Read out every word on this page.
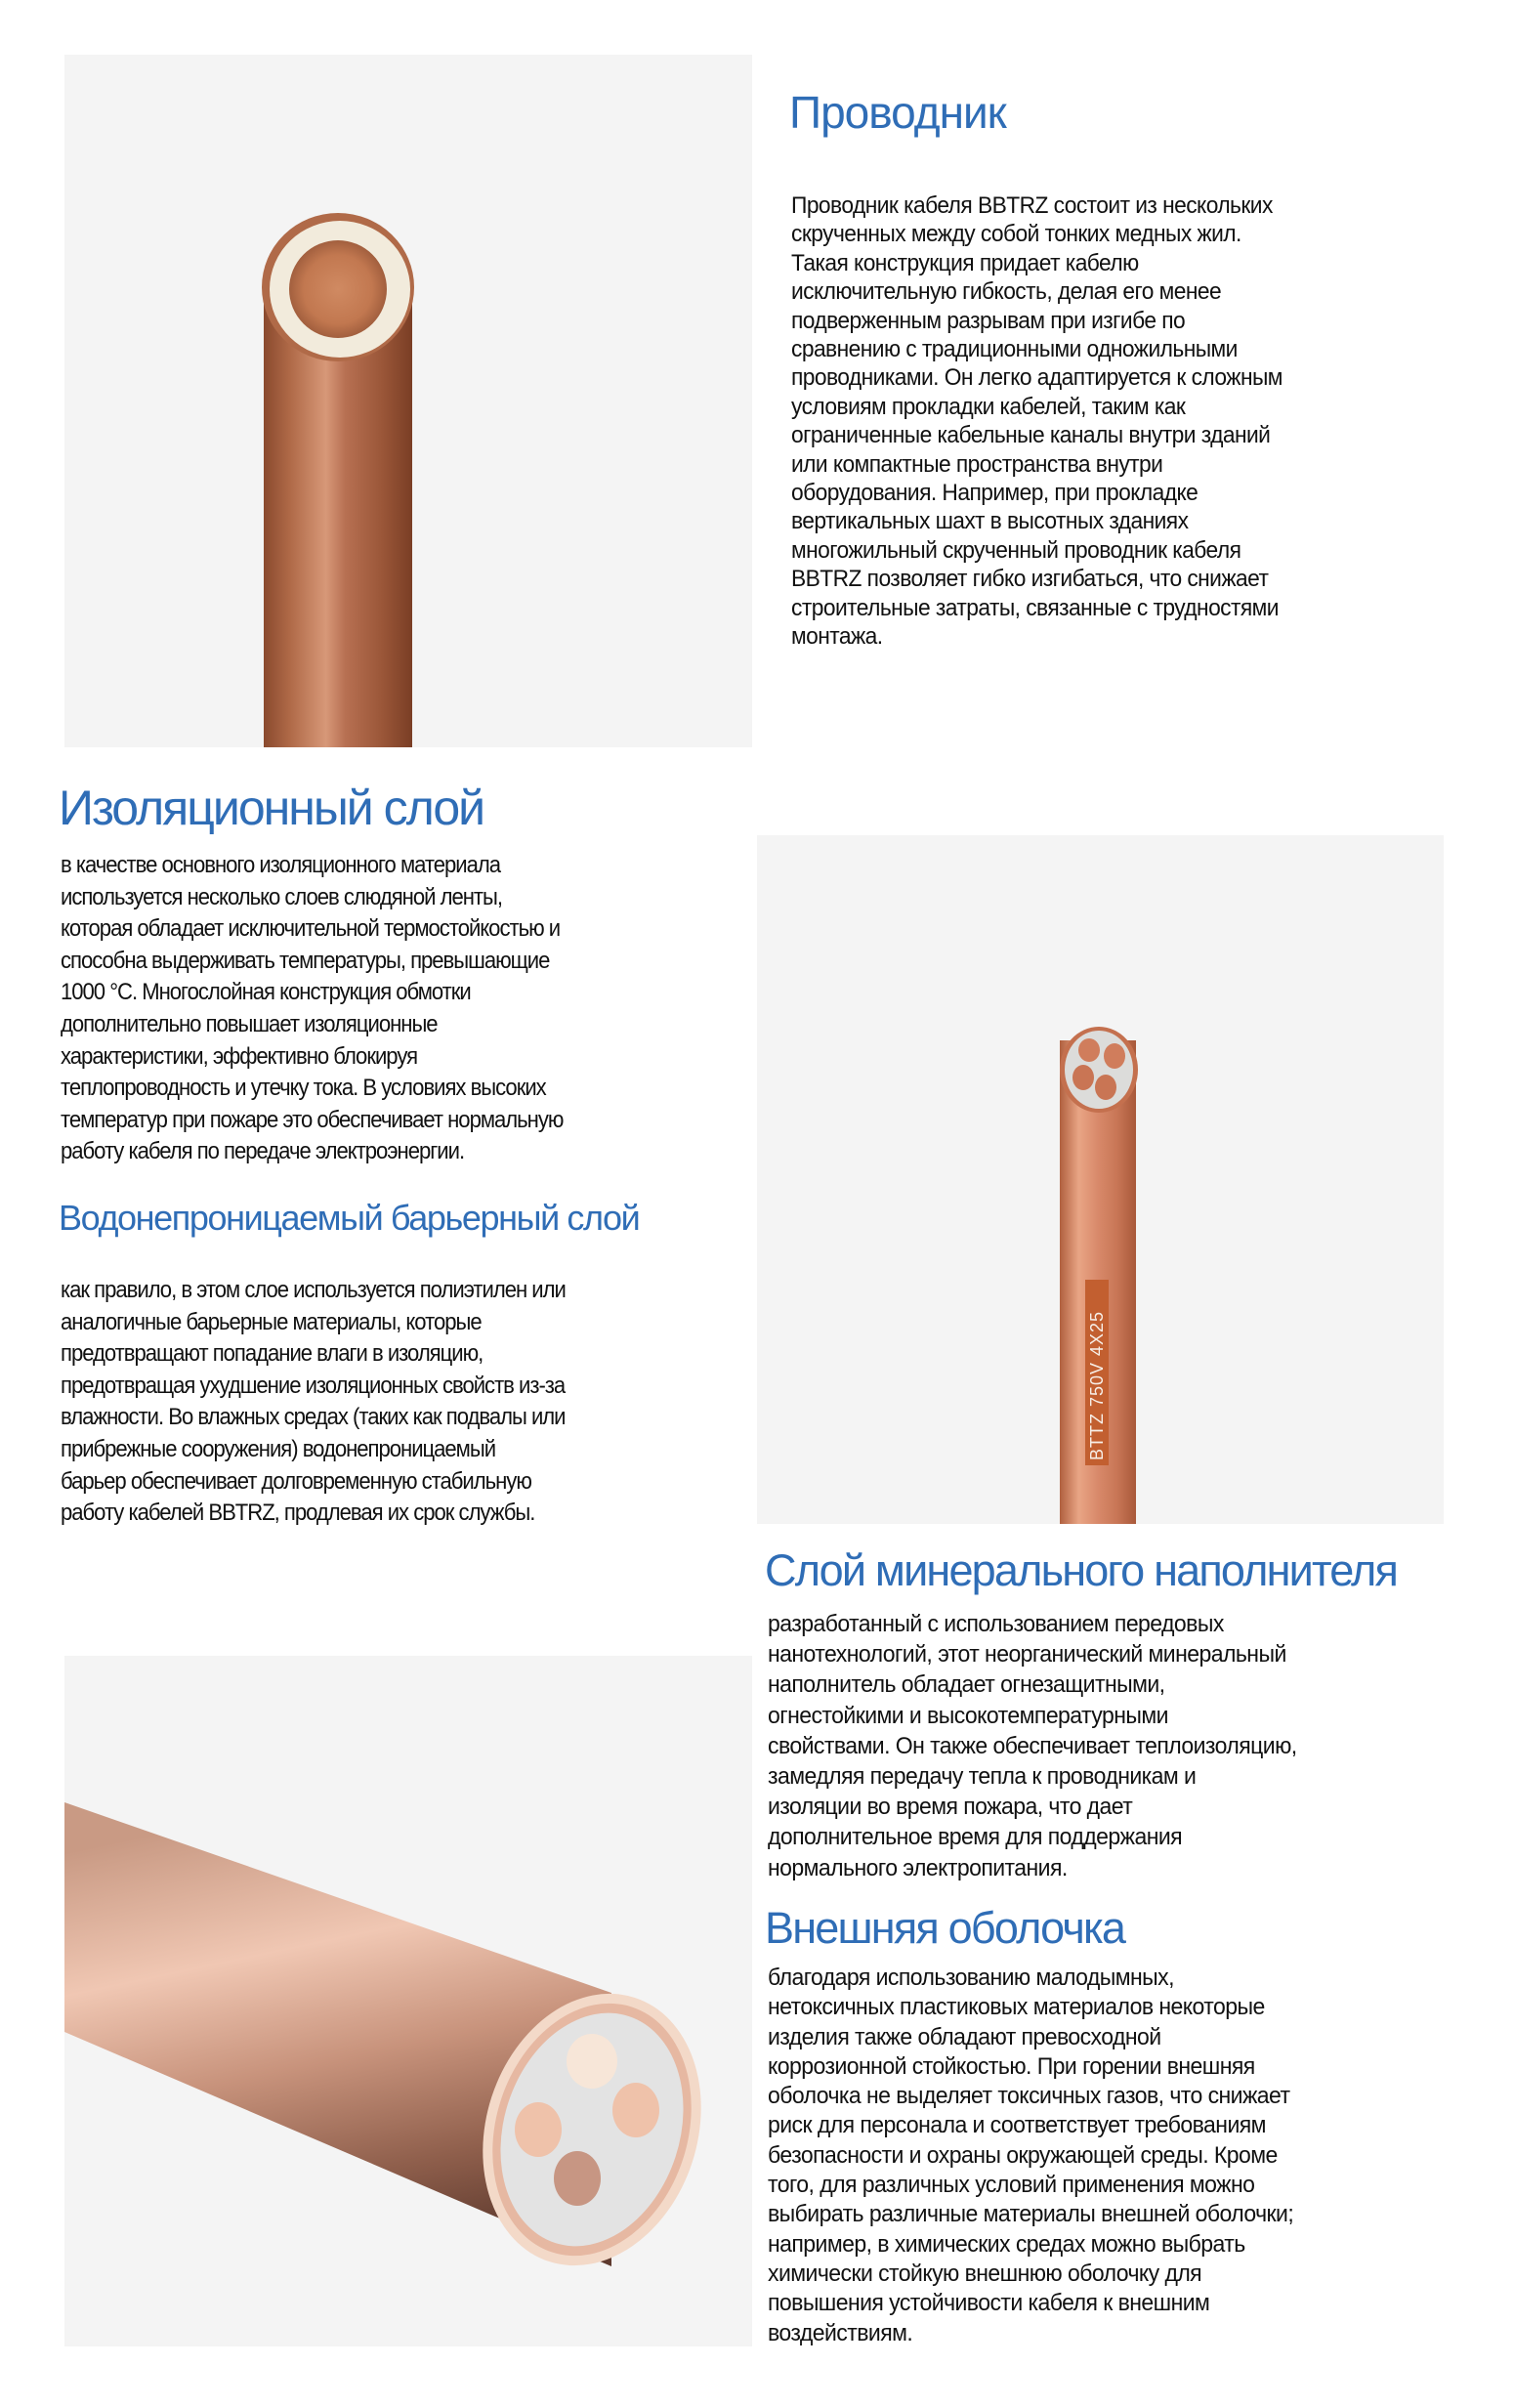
Проводник
Проводник кабеля BBTRZ состоит из нескольких
скрученных между собой тонких медных жил.
Такая конструкция придает кабелю
исключительную гибкость, делая его менее
подверженным разрывам при изгибе по
сравнению с традиционными одножильными
проводниками. Он легко адаптируется к сложным
условиям прокладки кабелей, таким как
ограниченные кабельные каналы внутри зданий
или компактные пространства внутри
оборудования. Например, при прокладке
вертикальных шахт в высотных зданиях
многожильный скрученный проводник кабеля
BBTRZ позволяет гибко изгибаться, что снижает
строительные затраты, связанные с трудностями
монтажа.
Изоляционный слой
в качестве основного изоляционного материала
используется несколько слоев слюдяной ленты,
которая обладает исключительной термостойкостью и
способна выдерживать температуры, превышающие
1000 °C. Многослойная конструкция обмотки
дополнительно повышает изоляционные
характеристики, эффективно блокируя
теплопроводность и утечку тока. В условиях высоких
температур при пожаре это обеспечивает нормальную
работу кабеля по передаче электроэнергии.
Водонепроницаемый барьерный слой
как правило, в этом слое используется полиэтилен или
аналогичные барьерные материалы, которые
предотвращают попадание влаги в изоляцию,
предотвращая ухудшение изоляционных свойств из-за
влажности. Во влажных средах (таких как подвалы или
прибрежные сооружения) водонепроницаемый
барьер обеспечивает долговременную стабильную
работу кабелей BBTRZ, продлевая их срок службы.
BTTZ 750V 4X25
Слой минерального наполнителя
разработанный с использованием передовых
нанотехнологий, этот неорганический минеральный
наполнитель обладает огнезащитными,
огнестойкими и высокотемпературными
свойствами. Он также обеспечивает теплоизоляцию,
замедляя передачу тепла к проводникам и
изоляции во время пожара, что дает
дополнительное время для поддержания
нормального электропитания.
Внешняя оболочка
благодаря использованию малодымных,
нетоксичных пластиковых материалов некоторые
изделия также обладают превосходной
коррозионной стойкостью. При горении внешняя
оболочка не выделяет токсичных газов, что снижает
риск для персонала и соответствует требованиям
безопасности и охраны окружающей среды. Кроме
того, для различных условий применения можно
выбирать различные материалы внешней оболочки;
например, в химических средах можно выбрать
химически стойкую внешнюю оболочку для
повышения устойчивости кабеля к внешним
воздействиям.
